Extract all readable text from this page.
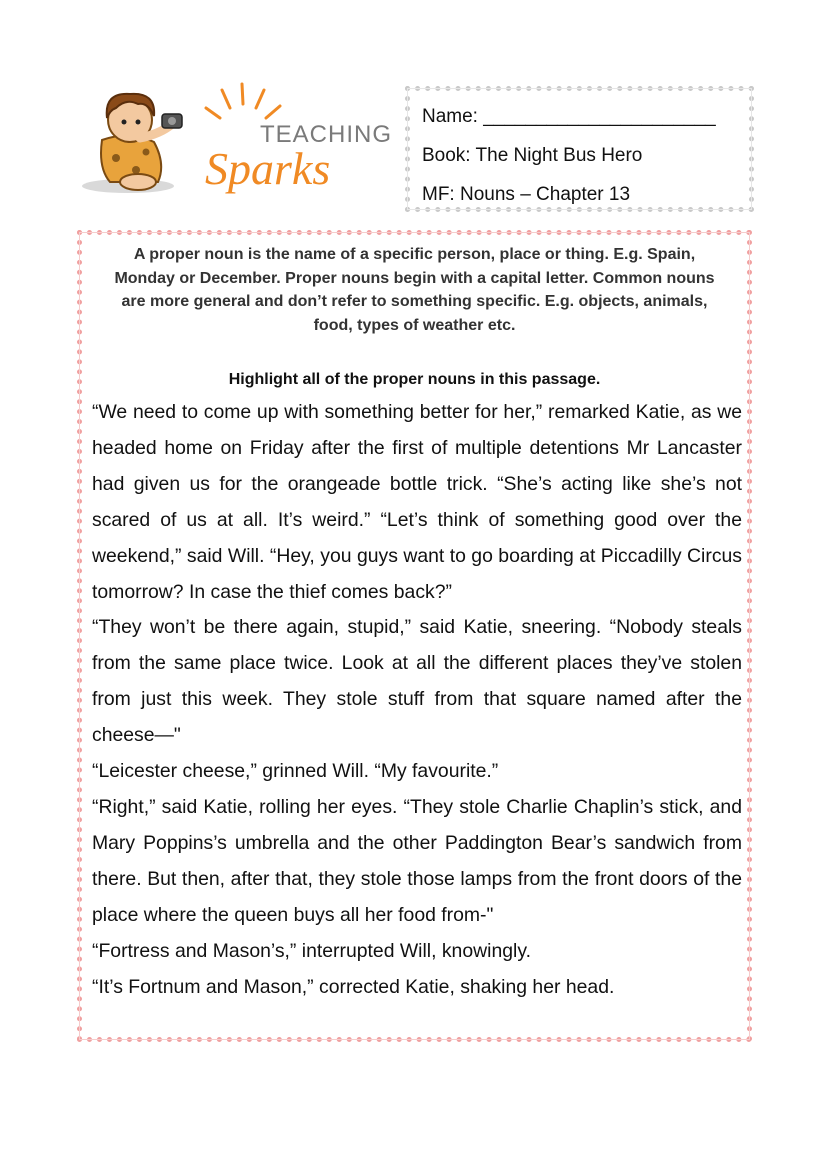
TEACHING
Sparks
Name: ______________________
Book: The Night Bus Hero
MF: Nouns – Chapter 13
A proper noun is the name of a specific person, place or thing. E.g. Spain, Monday or December. Proper nouns begin with a capital letter. Common nouns are more general and don’t refer to something specific. E.g. objects, animals, food, types of weather etc.
Highlight all of the proper nouns in this passage.

“We need to come up with something better for her,” remarked Katie, as we headed home on Friday after the first of multiple detentions Mr Lancaster had given us for the orangeade bottle trick. “She’s acting like she’s not scared of us at all. It’s weird.” “Let’s think of something good over the weekend,” said Will. “Hey, you guys want to go boarding at Piccadilly Circus tomorrow? In case the thief comes back?”

“They won’t be there again, stupid,” said Katie, sneering. “Nobody steals from the same place twice. Look at all the different places they’ve stolen from just this week. They stole stuff from that square named after the cheese—"

“Leicester cheese,” grinned Will. “My favourite.”

“Right,” said Katie, rolling her eyes. “They stole Charlie Chaplin’s stick, and Mary Poppins’s umbrella and the other Paddington Bear’s sandwich from there. But then, after that, they stole those lamps from the front doors of the place where the queen buys all her food from-"

“Fortress and Mason’s,” interrupted Will, knowingly.

“It’s Fortnum and Mason,” corrected Katie, shaking her head.
